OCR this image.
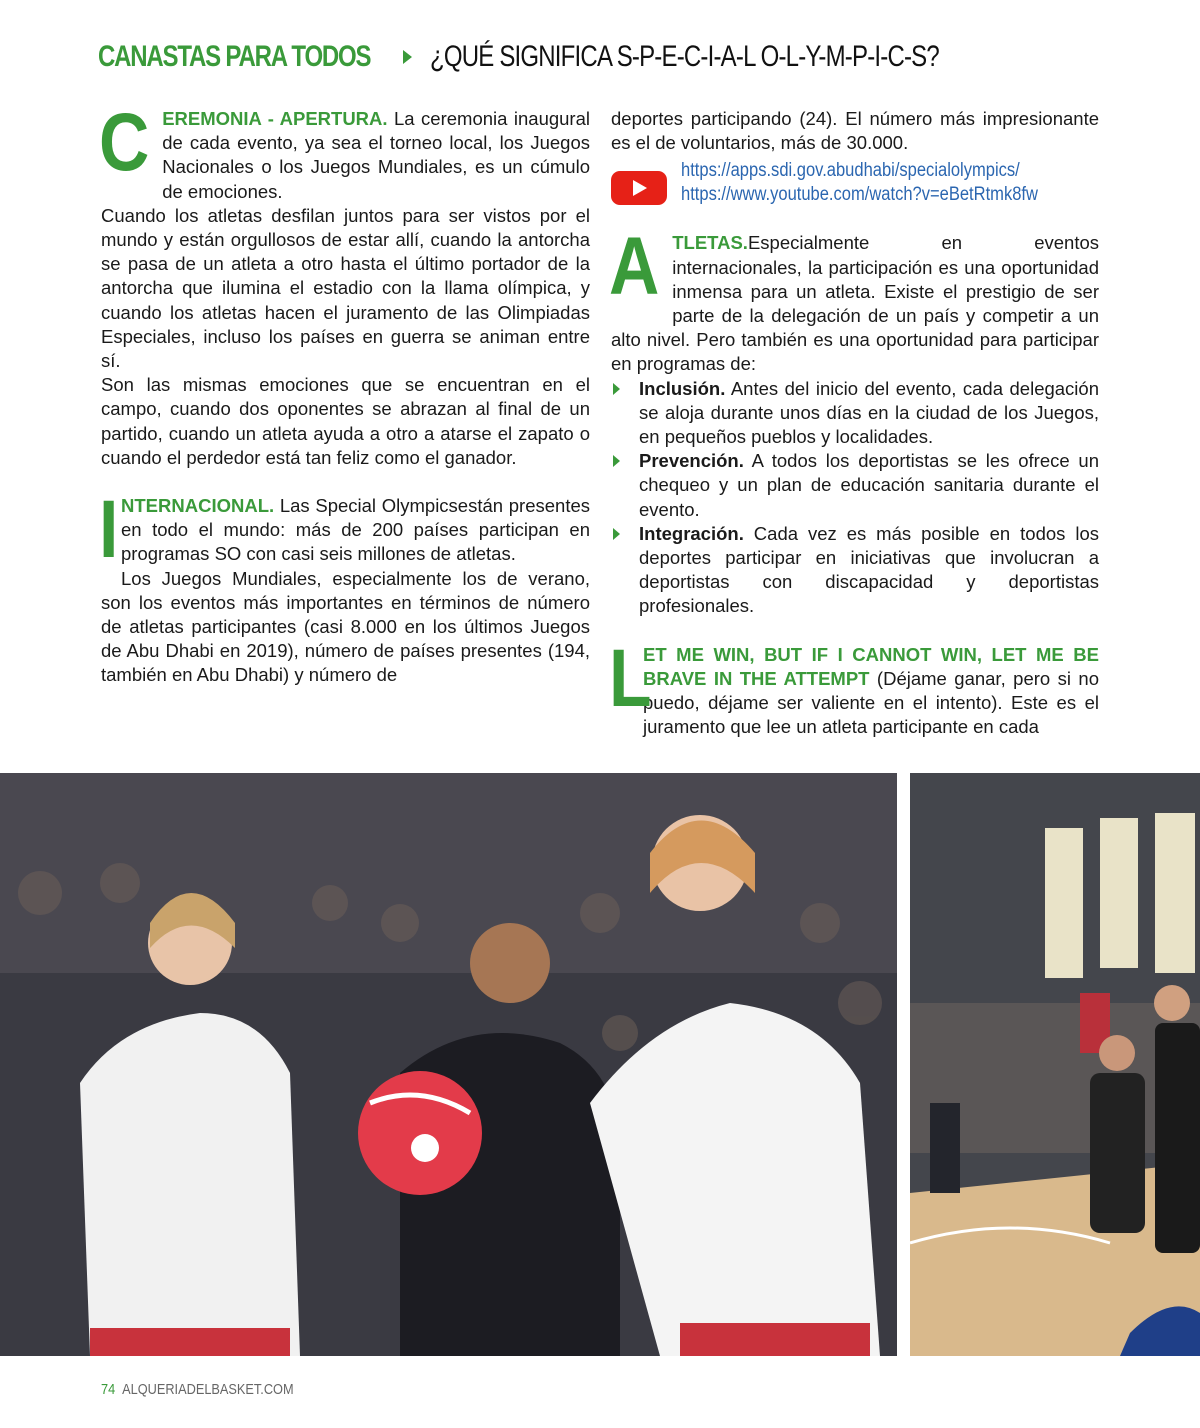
CANASTAS PARA TODOS ¿QUÉ SIGNIFICA S-P-E-C-I-A-L O-L-Y-M-P-I-C-S?

CEREMONIA - APERTURA. La ceremonia inaugural de cada evento, ya sea el torneo local, los Juegos Nacionales o los Juegos Mundiales, es un cúmulo de emociones.

Cuando los atletas desfilan juntos para ser vistos por el mundo y están orgullosos de estar allí, cuando la antorcha se pasa de un atleta a otro hasta el último portador de la antorcha que ilumina el estadio con la llama olímpica, y cuando los atletas hacen el juramento de las Olimpiadas Especiales, incluso los países en guerra se animan entre sí.

Son las mismas emociones que se encuentran en el campo, cuando dos oponentes se abrazan al final de un partido, cuando un atleta ayuda a otro a atarse el zapato o cuando el perdedor está tan feliz como el ganador.

INTERNACIONAL. Las Special Olympicsestán presentes en todo el mundo: más de 200 países participan en programas SO con casi seis millones de atletas.

Los Juegos Mundiales, especialmente los de verano, son los eventos más importantes en términos de número de atletas participantes (casi 8.000 en los últimos Juegos de Abu Dhabi en 2019), número de países presentes (194, también en Abu Dhabi) y número de

deportes participando (24). El número más impresionante es el de voluntarios, más de 30.000.

https://apps.sdi.gov.abudhabi/specialolympics/
https://www.youtube.com/watch?v=eBetRtmk8fw

ATLETAS.Especialmente en eventos internacionales, la participación es una oportunidad inmensa para un atleta. Existe el prestigio de ser parte de la delegación de un país y competir a un alto nivel. Pero también es una oportunidad para participar en programas de:

Inclusión. Antes del inicio del evento, cada delegación se aloja durante unos días en la ciudad de los Juegos, en pequeños pueblos y localidades.
Prevención. A todos los deportistas se les ofrece un chequeo y un plan de educación sanitaria durante el evento.
Integración. Cada vez es más posible en todos los deportes participar en iniciativas que involucran a deportistas con discapacidad y deportistas profesionales.

L
ET ME WIN, BUT IF I CANNOT WIN, LET ME BE BRAVE IN THE ATTEMPT (Déjame ganar, pero si no puedo, déjame ser valiente en el intento). Este es el juramento que lee un atleta participante en cada

74 ALQUERIADELBASKET.COM
